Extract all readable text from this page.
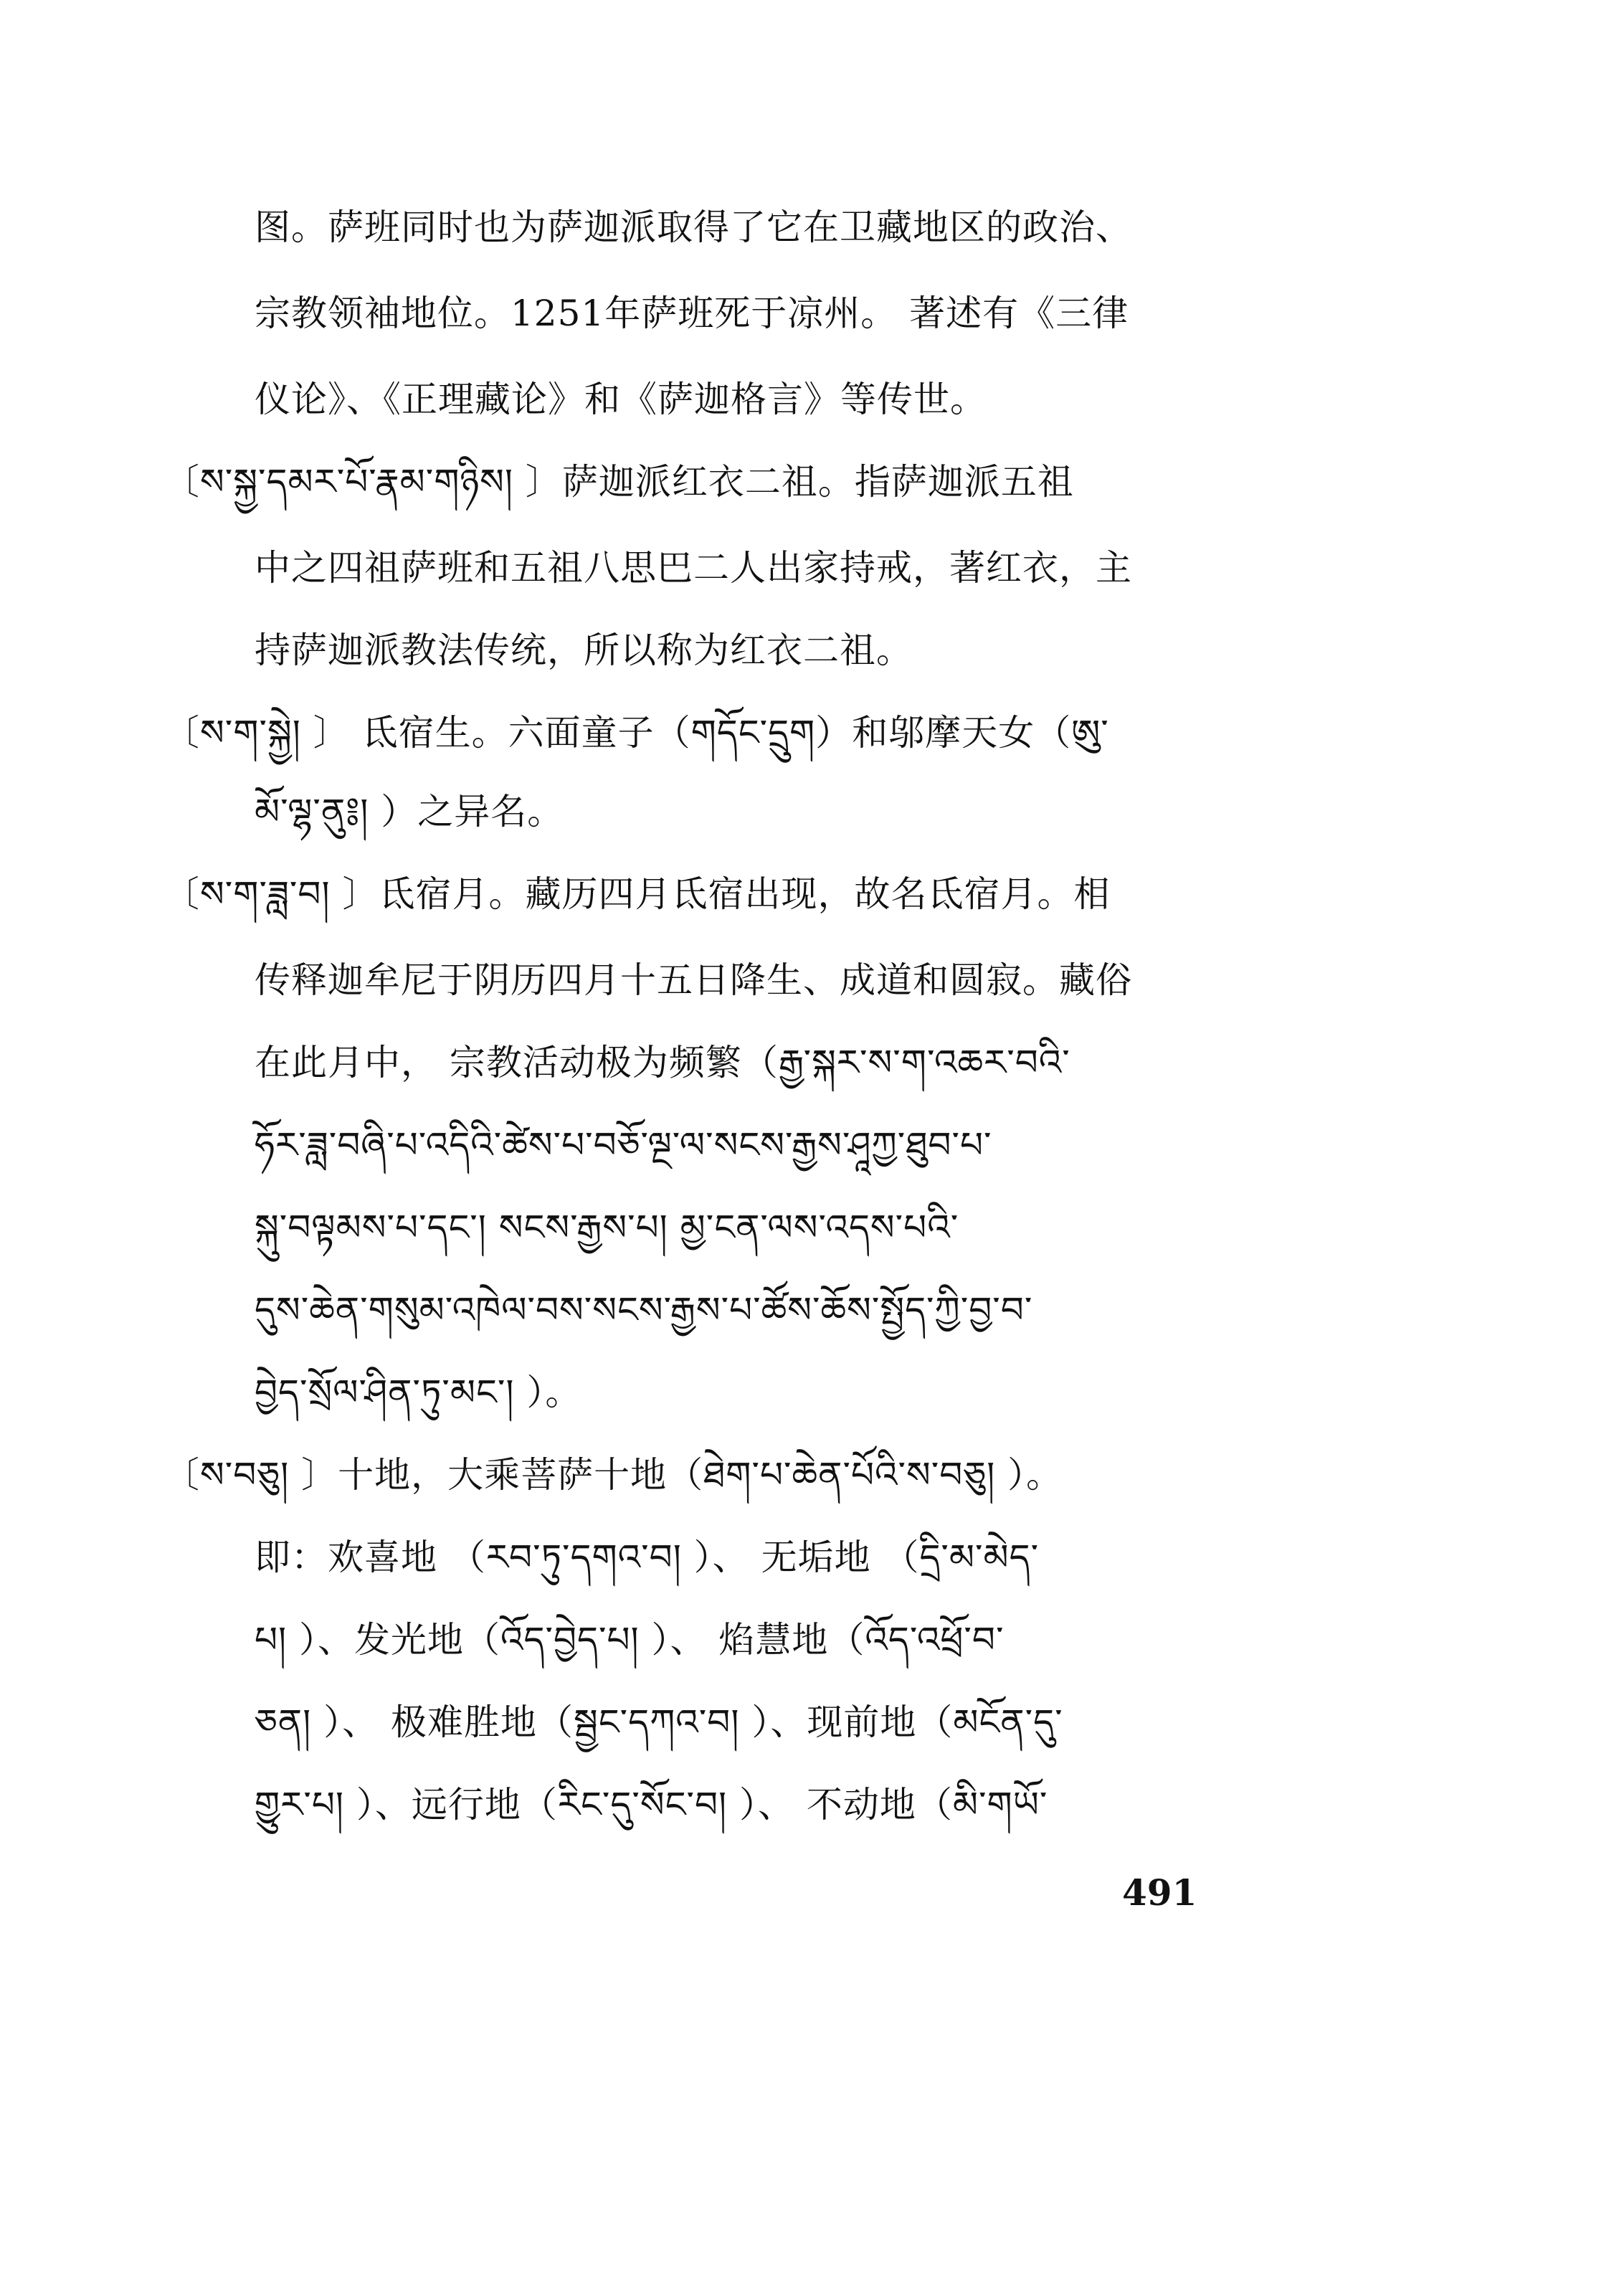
图。萨班同时也为萨迦派取得了它在卫藏地区的政治、
宗教领袖地位。1251年萨班死于凉州。 著述有《三律
仪论》、《正理藏论》和《萨迦格言》等传世。
〔ས་སྐྱ་དམར་པོ་རྣམ་གཉིས། 〕萨迦派红衣二祖。指萨迦派五祖
中之四祖萨班和五祖八思巴二人出家持戒，著红衣，主
持萨迦派教法传统，所以称为红衣二祖。
〔ས་ག་སྐྱེ། 〕 氐宿生。六面童子（གདོང་དྲུག）和邬摩天女（ཨུ་
མོ་ལྷ་ནུ༔། ）之异名。
〔ས་ག་ཟླ་བ། 〕氐宿月。藏历四月氐宿出现，故名氐宿月。相
传释迦牟尼于阴历四月十五日降生、成道和圆寂。藏俗
在此月中， 宗教活动极为频繁（རྒྱ་སྐར་ས་ག་འཆར་བའི་
ཧོར་ཟླ་བཞི་པ་འདིའི་ཚེས་པ་བཅོ་ལྔ་ལ་སངས་རྒྱས་ཤཱཀྱ་ཐུབ་པ་
སྐུ་བལྟམས་པ་དང་། སངས་རྒྱས་པ། མྱ་ངན་ལས་འདས་པའི་
དུས་ཆེན་གསུམ་འཁེལ་བས་སངས་རྒྱས་པ་ཚོས་ཆོས་སྤྱོད་ཀྱི་བྱ་བ་
བྱེད་སྲོལ་ཤིན་ཏུ་མང་། ）。
〔ས་བཅུ། 〕十地，大乘菩萨十地（ཐེག་པ་ཆེན་པོའི་ས་བཅུ། ）。
即：欢喜地 （རབ་ཏུ་དགའ་བ། ）、 无垢地 （དྲི་མ་མེད་
པ། ）、发光地（འོད་བྱེད་པ། ）、 焰慧地（འོད་འཕྲོ་བ་
ཅན། ）、 极难胜地（སྦྱང་དཀའ་བ། ）、现前地（མངོན་དུ་
གྱུར་པ། ）、远行地（རིང་དུ་སོང་བ། ）、 不动地（མི་གཡོ་
491
